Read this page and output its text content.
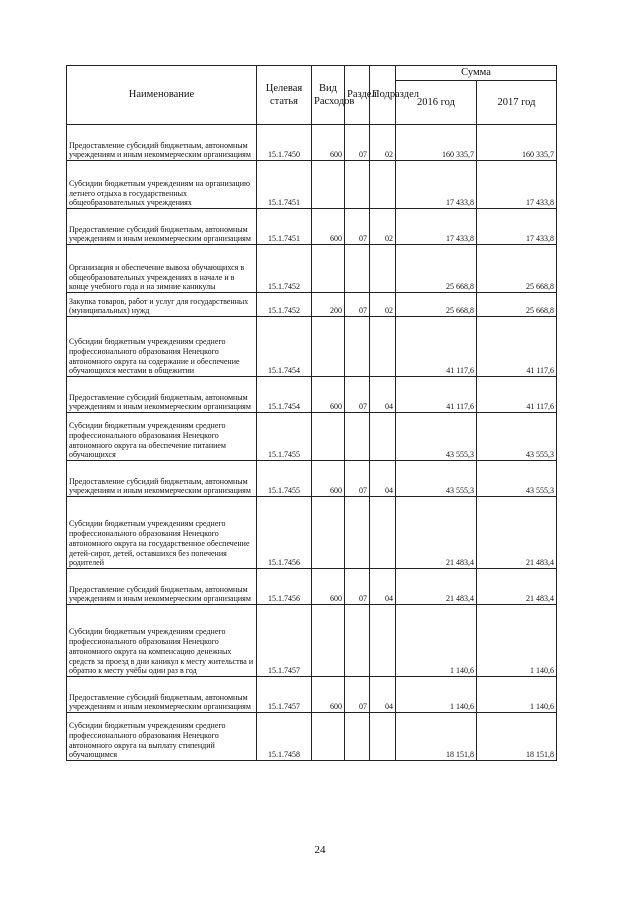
Наименование	Целевая статья	Вид Расходов	Раздел	Подраздел	Сумма	
					2016 год	2017 год
Предоставление субсидий бюджетным, автономным учреждениям и иным некоммерческим организациям	15.1.7450	600	07	02	160 335,7	160 335,7
Субсидии бюджетным учреждениям на организацию летнего отдыха в государственных общеобразовательных учреждениях	15.1.7451				17 433,8	17 433,8
Предоставление субсидий бюджетным, автономным учреждениям и иным некоммерческим организациям	15.1.7451	600	07	02	17 433,8	17 433,8
Организация и обеспечение вывоза обучающихся в общеобразовательных учреждениях в начале и в конце учебного года и на зимние каникулы	15.1.7452				25 668,8	25 668,8
Закупка товаров, работ и услуг для государственных (муниципальных) нужд	15.1.7452	200	07	02	25 668,8	25 668,8
Субсидии бюджетным учреждениям среднего профессионального образования Ненецкого автономного округа на содержание и обеспечение обучающихся местами в общежитии	15.1.7454				41 117,6	41 117,6
Предоставление субсидий бюджетным, автономным учреждениям и иным некоммерческим организациям	15.1.7454	600	07	04	41 117,6	41 117,6
Субсидии бюджетным учреждениям среднего профессионального образования Ненецкого автономного округа на обеспечение питанием обучающихся	15.1.7455				43 555,3	43 555,3
Предоставление субсидий бюджетным, автономным учреждениям и иным некоммерческим организациям	15.1.7455	600	07	04	43 555,3	43 555,3
Субсидии бюджетным учреждениям среднего профессионального образования Ненецкого автономного округа на государственное обеспечение детей-сирот, детей, оставшихся без попечения родителей	15.1.7456				21 483,4	21 483,4
Предоставление субсидий бюджетным, автономным учреждениям и иным некоммерческим организациям	15.1.7456	600	07	04	21 483,4	21 483,4
Субсидии бюджетным учреждениям среднего профессионального образования Ненецкого автономного округа на компенсацию денежных средств за проезд в дни каникул к месту жительства и обратно к месту учёбы один раз в год	15.1.7457				1 140,6	1 140,6
Предоставление субсидий бюджетным, автономным учреждениям и иным некоммерческим организациям	15.1.7457	600	07	04	1 140,6	1 140,6
Субсидии бюджетным учреждениям среднего профессионального образования Ненецкого автономного округа на выплату стипендий обучающимся	15.1.7458				18 151,8	18 151,8
24
